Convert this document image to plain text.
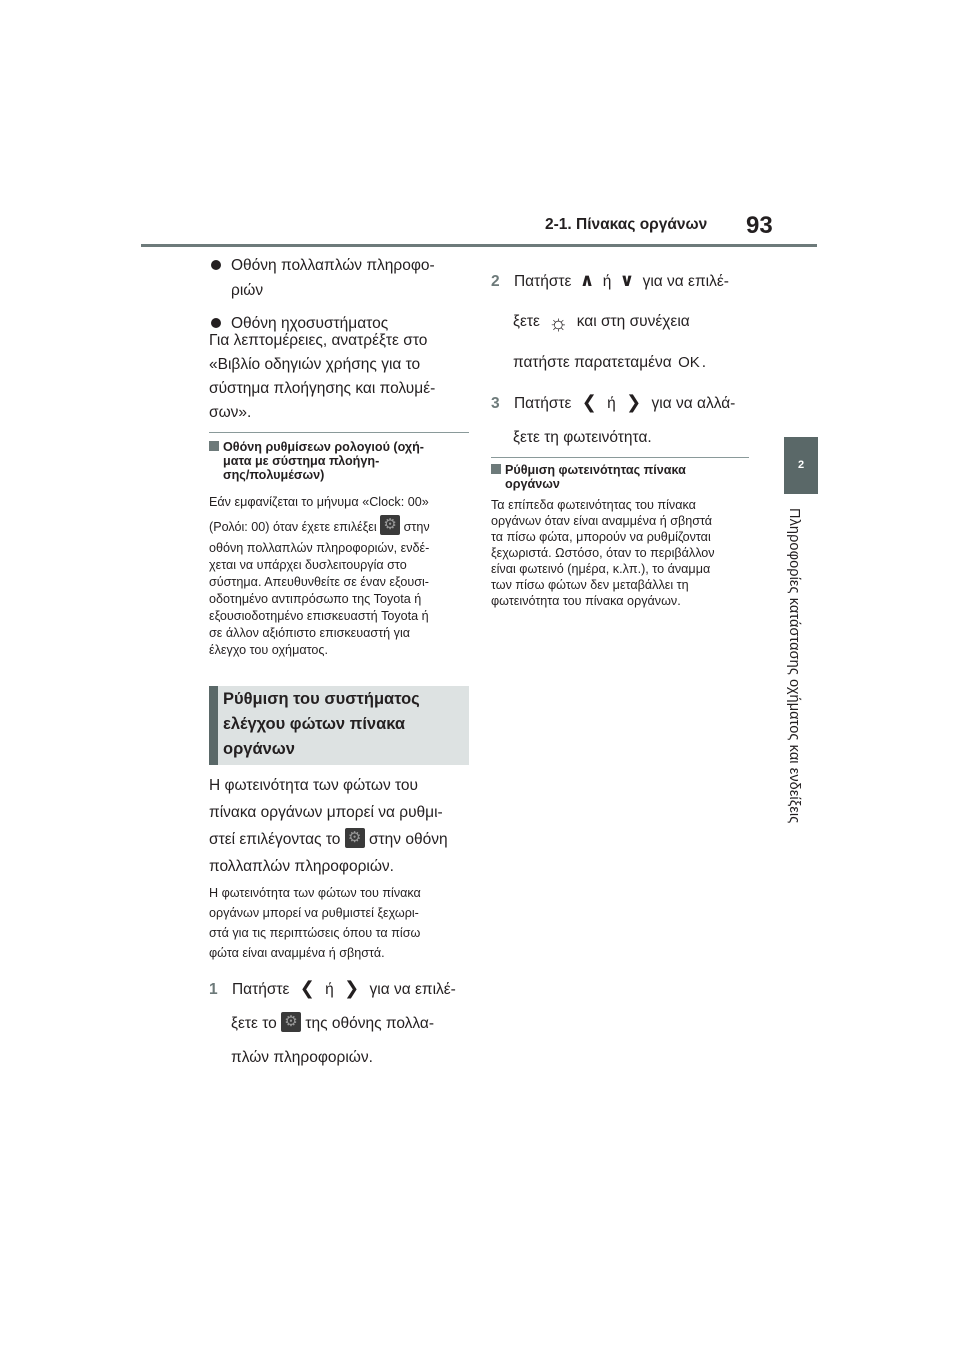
2-1. Πίνακας οργάνων 93
2
Πληροφορίες κατάστασης οχήματος και ενδείξεις
Οθόνη πολλαπλών πληροφο-
ριών
Οθόνη ηχοσυστήματος
Για λεπτομέρειες, ανατρέξτε στο
«Βιβλίο οδηγιών χρήσης για το
σύστημα πλοήγησης και πολυμέ-
σων».
Οθόνη ρυθμίσεων ρολογιού (οχή-
ματα με σύστημα πλοήγη-
σης/πολυμέσων)
Εάν εμφανίζεται το μήνυμα «Clock: 00»
(Ρολόι: 00) όταν έχετε επιλέξει ⚙ στην
οθόνη πολλαπλών πληροφοριών, ενδέ-
χεται να υπάρχει δυσλειτουργία στο
σύστημα. Απευθυνθείτε σε έναν εξουσι-
οδοτημένο αντιπρόσωπο της Toyota ή
εξουσιοδοτημένο επισκευαστή Toyota ή
σε άλλον αξιόπιστο επισκευαστή για
έλεγχο του οχήματος.
Ρύθμιση του συστήματος
ελέγχου φώτων πίνακα
οργάνων
Η φωτεινότητα των φώτων του
πίνακα οργάνων μπορεί να ρυθμι-
στεί επιλέγοντας το ⚙ στην οθόνη
πολλαπλών πληροφοριών.
Η φωτεινότητα των φώτων του πίνακα
οργάνων μπορεί να ρυθμιστεί ξεχωρι-
στά για τις περιπτώσεις όπου τα πίσω
φώτα είναι αναμμένα ή σβηστά.
1 Πατήστε ❮ ή ❯ για να επιλέ-
ξετε το ⚙ της οθόνης πολλα-
πλών πληροφοριών.
2 Πατήστε ∧ ή ∨ για να επιλέ-
ξετε ☼ και στη συνέχεια
πατήστε παρατεταμένα OK .
3 Πατήστε ❮ ή ❯ για να αλλά-
ξετε τη φωτεινότητα.
Ρύθμιση φωτεινότητας πίνακα
οργάνων
Τα επίπεδα φωτεινότητας του πίνακα
οργάνων όταν είναι αναμμένα ή σβηστά
τα πίσω φώτα, μπορούν να ρυθμίζονται
ξεχωριστά. Ωστόσο, όταν το περιβάλλον
είναι φωτεινό (ημέρα, κ.λπ.), το άναμμα
των πίσω φώτων δεν μεταβάλλει τη
φωτεινότητα του πίνακα οργάνων.
